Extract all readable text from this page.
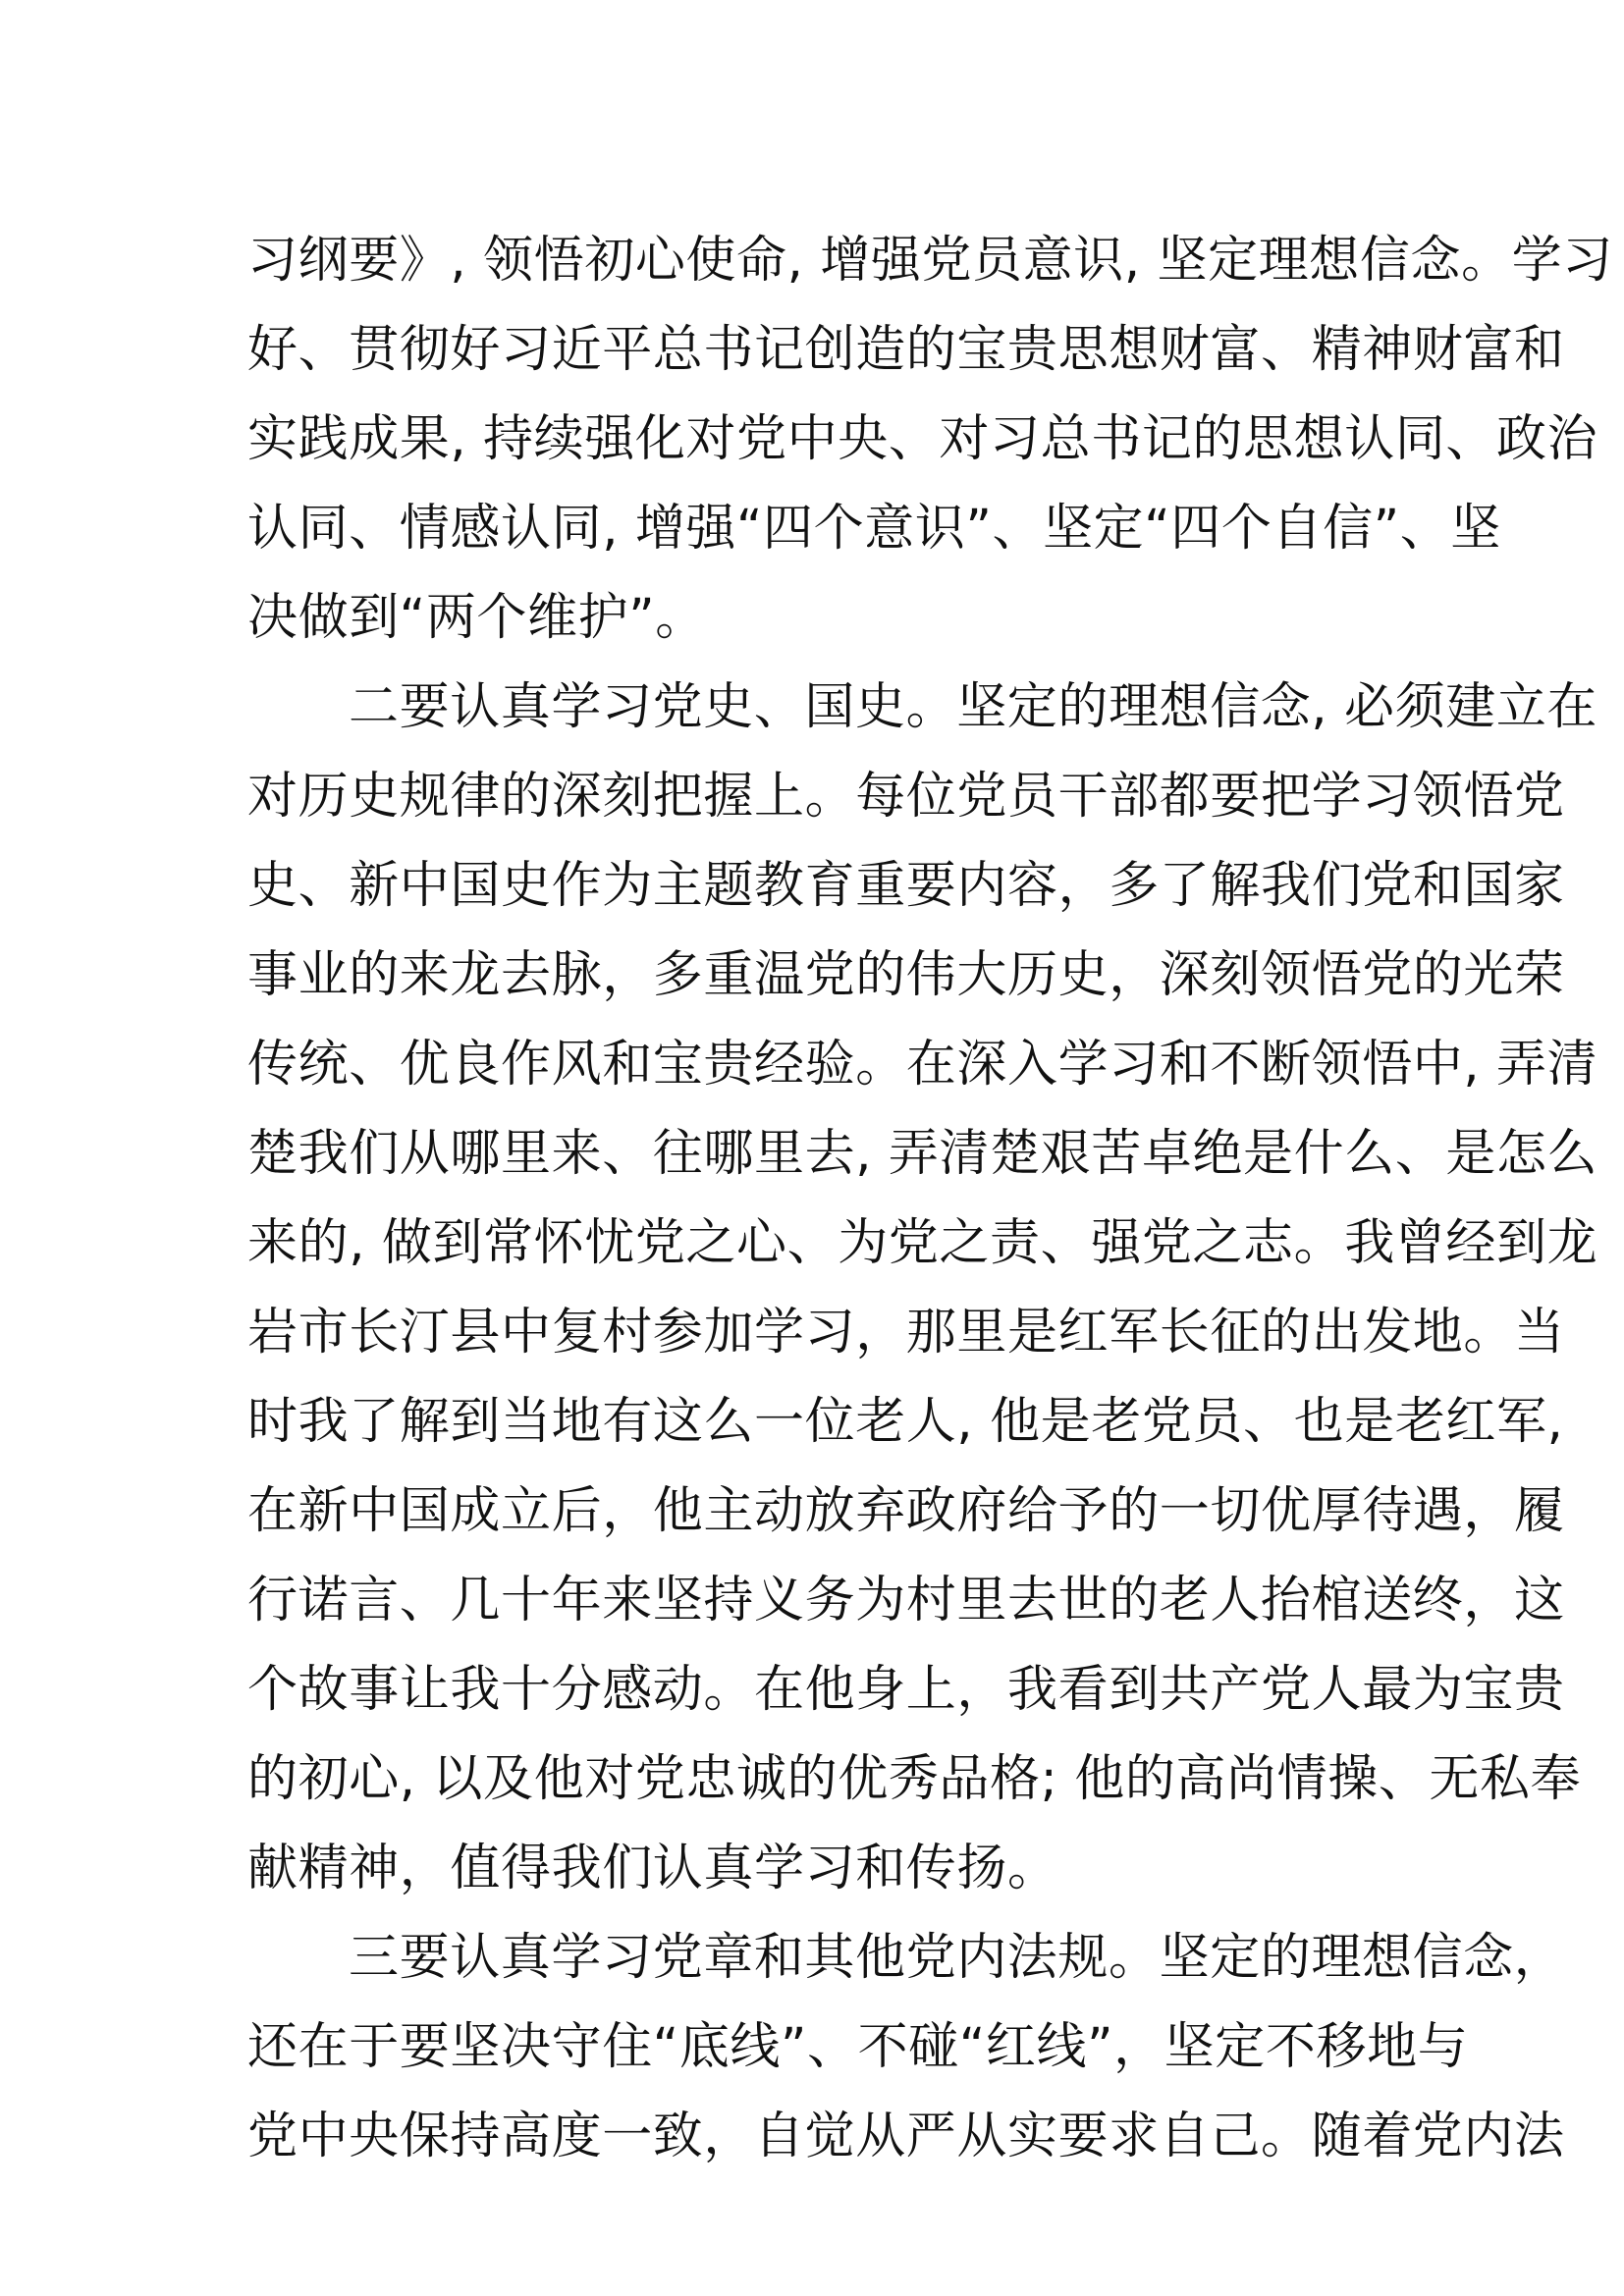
习纲要》, 领悟初心使命, 增强党员意识, 坚定理想信念。学习
好、贯彻好习近平总书记创造的宝贵思想财富、精神财富和
实践成果, 持续强化对党中央、对习总书记的思想认同、政治
认同、情感认同, 增强“四个意识”、坚定“四个自信”、坚
决做到“两个维护”。
二要认真学习党史、国史。坚定的理想信念, 必须建立在
对历史规律的深刻把握上。每位党员干部都要把学习领悟党
史、新中国史作为主题教育重要内容，多了解我们党和国家
事业的来龙去脉，多重温党的伟大历史，深刻领悟党的光荣
传统、优良作风和宝贵经验。在深入学习和不断领悟中, 弄清
楚我们从哪里来、往哪里去, 弄清楚艰苦卓绝是什么、是怎么
来的, 做到常怀忧党之心、为党之责、强党之志。我曾经到龙
岩市长汀县中复村参加学习，那里是红军长征的出发地。当
时我了解到当地有这么一位老人, 他是老党员、也是老红军,
在新中国成立后，他主动放弃政府给予的一切优厚待遇，履
行诺言、几十年来坚持义务为村里去世的老人抬棺送终，这
个故事让我十分感动。在他身上，我看到共产党人最为宝贵
的初心, 以及他对党忠诚的优秀品格; 他的高尚情操、无私奉
献精神，值得我们认真学习和传扬。
三要认真学习党章和其他党内法规。坚定的理想信念，
还在于要坚决守住“底线”、不碰“红线”，坚定不移地与
党中央保持高度一致，自觉从严从实要求自己。随着党内法
